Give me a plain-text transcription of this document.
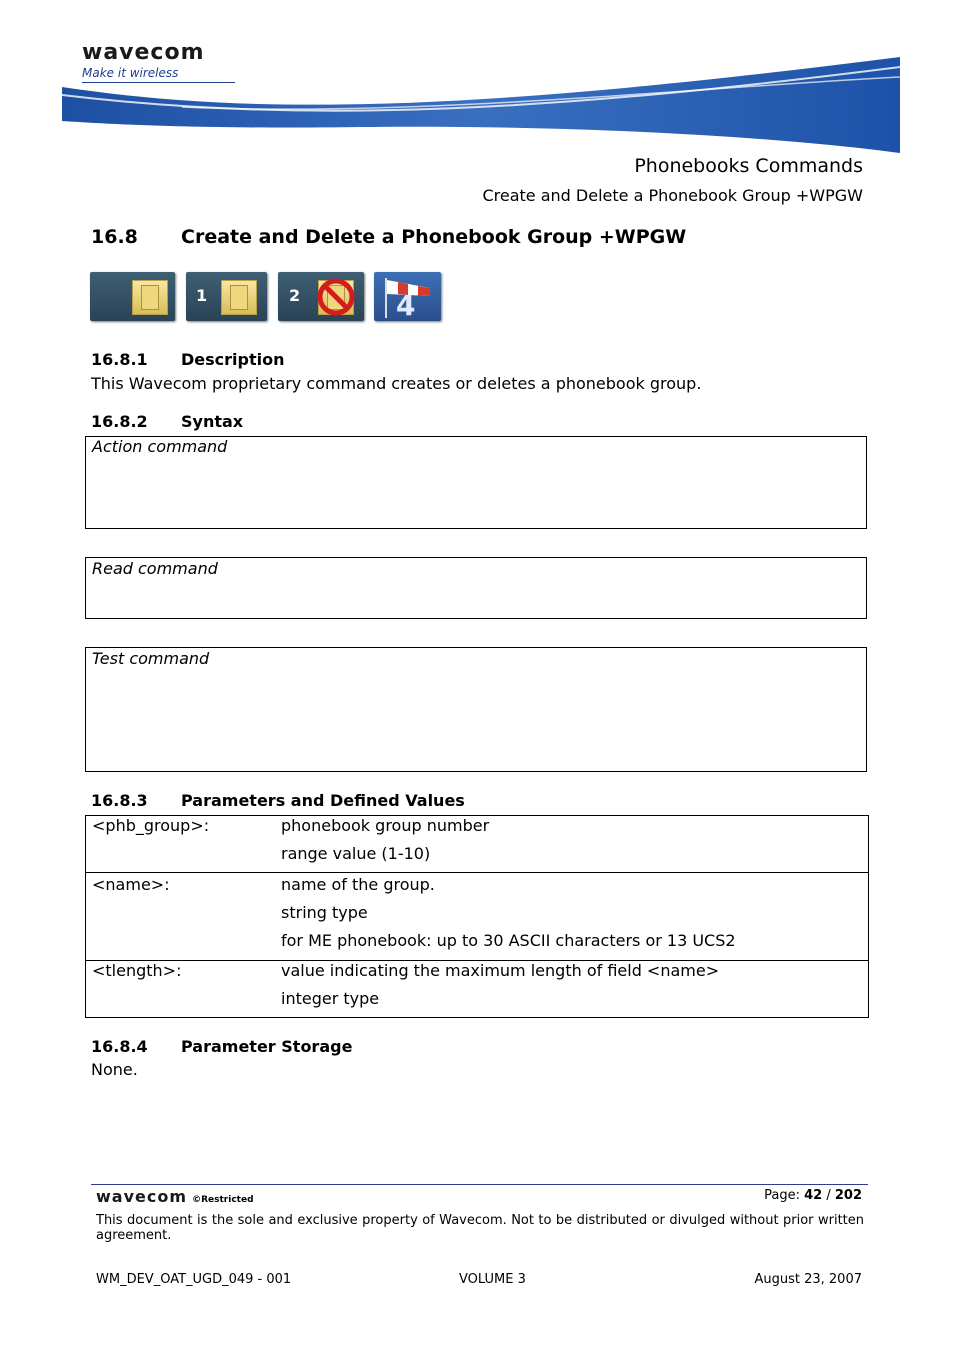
wavecom
Make it wireless
Phonebooks Commands
Create and Delete a Phonebook Group +WPGW
16.8 Create and Delete a Phonebook Group +WPGW
1	2	4
16.8.1 Description
This Wavecom proprietary command creates or deletes a phonebook group.
16.8.2 Syntax
Action command
Read command
Test command
16.8.3 Parameters and Defined Values
<phb_group>:	phonebook group number
range value (1-10)

<name>:	name of the group.
string type
for ME phonebook: up to 30 ASCII characters or 13 UCS2

<tlength>:	value indicating the maximum length of field <name>
integer type
16.8.4 Parameter Storage
None.
wavecom ©Restricted	Page: 42 / 202
This document is the sole and exclusive property of Wavecom. Not to be distributed or divulged without prior written agreement.
WM_DEV_OAT_UGD_049 - 001	VOLUME 3	August 23, 2007
